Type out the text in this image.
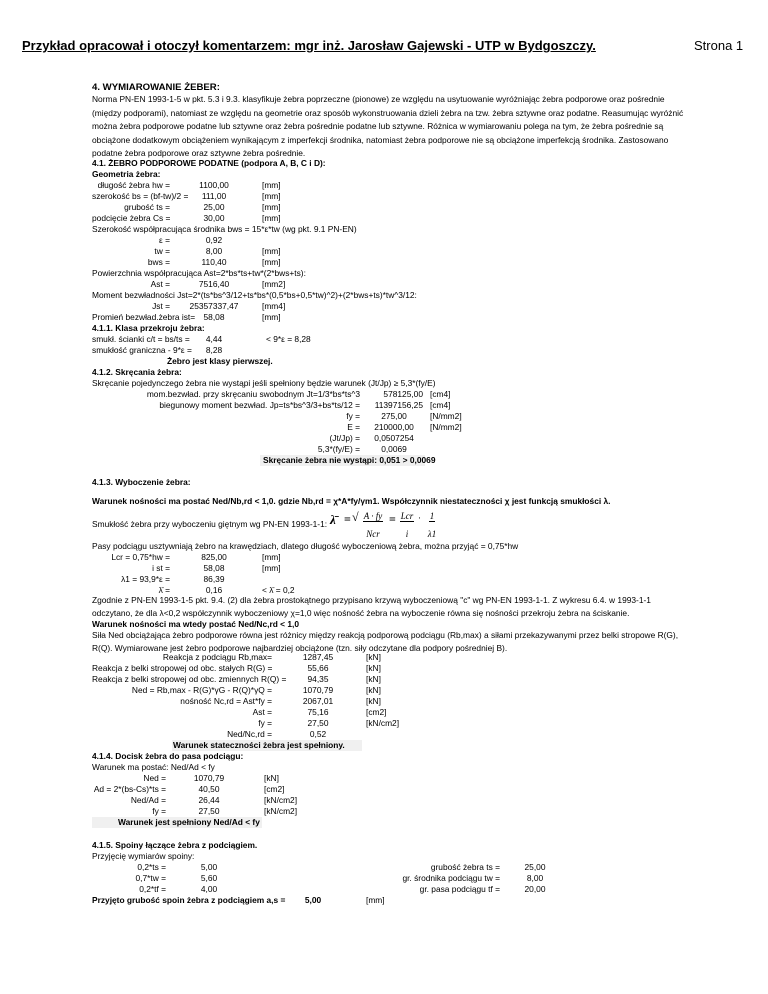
Przykład opracował i otoczył komentarzem: mgr inż. Jarosław Gajewski - UTP w Bydgoszczy.	Strona 1
4. WYMIAROWANIE ŻEBER:
Norma PN-EN 1993-1-5 w pkt. 5.3 i 9.3. klasyfikuje żebra poprzeczne (pionowe) ze względu na usytuowanie wyróżniając żebra podporowe oraz pośrednie (między podporami), natomiast ze względu na geometrie oraz sposób wykonstruowania dzieli żebra na tzw. żebra sztywne oraz podatne. Reasumując wyróżnić można żebra podporowe podatne lub sztywne oraz żebra pośrednie podatne lub sztywne. Różnica w wymiarowaniu polega na tym, że żebra pośrednie są obciążone dodatkowym obciążeniem wynikającym z imperfekcji środnika, natomiast żebra podporowe nie są obciążone imperfekcją środnika. Zastosowano podatne żebra podporowe oraz sztywne żebra pośrednie.
4.1. ŻEBRO PODPOROWE PODATNE (podpora A, B, C i D):
Geometria żebra:
długość żebra hw =	1100,00	[mm]
szerokość bs = (bf-tw)/2 =	111,00	[mm]
grubość ts =	25,00	[mm]
podcięcie żebra Cs =	30,00	[mm]
Szerokość współpracująca środnika bws = 15*ε*tw (wg pkt. 9.1 PN-EN)
ε =	0,92
tw =	8,00	[mm]
bws =	110,40	[mm]
Powierzchnia współpracująca Ast=2*bs*ts+tw*(2*bws+ts):
Ast =	7516,40	[mm2]
Moment bezwładności Jst=2*(ts*bs^3/12+ts*bs*(0,5*bs+0,5*tw)^2)+(2*bws+ts)*tw^3/12:
Jst =	25357337,47	[mm4]
Promień bezwład.żebra ist=	58,08	[mm]
4.1.1. Klasa przekroju żebra:
smukł. ścianki c/t = bs/ts =	4,44	< 9*ε = 8,28
smukłość graniczna - 9*ε =	8,28
Żebro jest klasy pierwszej.
4.1.2. Skręcania żebra:
Skręcanie pojedynczego żebra nie wystąpi jeśli spełniony będzie warunek (Jt/Jp) ≥ 5,3*(fy/E)
mom.bezwład. przy skręcaniu swobodnym Jt=1/3*bs*ts^3	578125,00 [cm4]
biegunowy moment bezwład. Jp=ts*bs^3/3+bs*ts/12 =	11397156,25 [cm4]
fy =	275,00	[N/mm2]
E =	210000,00	[N/mm2]
(Jt/Jp) =	0,0507254
5,3*(fy/E) =	0,0069
Skręcanie żebra nie wystąpi: 0,051 > 0,0069
4.1.3. Wyboczenie żebra:
Warunek nośności ma postać Ned/Nb,rd < 1,0. gdzie Nb,rd = χ*A*fy/γm1. Współczynnik niestateczności χ jest funkcją smukłości λ.
Smukłość żebra przy wyboczeniu giętnym wg PN-EN 1993-1-1: λ̄ = √ A · fy
Ncr
= Lcr
i
· $\frac{1}{\lambda 1}$
Pasy podciągu usztywniają żebro na krawędziach, dlatego długość wyboczeniową żebra, można przyjąć = 0,75*hw
Lcr = 0,75*hw =	825,00	[mm]
i st =	58,08	[mm]
λ1 = 93,9*ε =	86,39
λ̄ =	0,16	< λ̄ = 0,2
Zgodnie z PN-EN 1993-1-5 pkt. 9.4. (2) dla żebra prostokątnego przypisano krzywą wyboczeniową "c" wg PN-EN 1993-1-1. Z wykresu 6.4. w 1993-1-1 odczytano, że dla λ<0,2 współczynnik wyboczeniowy χ=1,0 więc nośność żebra na wyboczenie równa się nośności przekroju żebra na ściskanie.
Warunek nośności ma wtedy postać Ned/Nc,rd < 1,0
Siła Ned obciążająca żebro podporowe równa jest różnicy między reakcją podporową podciągu (Rb,max) a siłami przekazywanymi przez belki stropowe R(G), R(Q). Wymiarowane jest żebro podporowe najbardziej obciążone (tzn. siły odczytane dla podpory pośredniej B).
Reakcja z podciągu Rb,max=	1287,45	[kN]
Reakcja z belki stropowej od obc. stałych R(G) =	55,66	[kN]
Reakcja z belki stropowej od obc. zmiennych R(Q) =	94,35	[kN]
Ned = Rb,max - R(G)*γG - R(Q)*γQ =	1070,79	[kN]
nośność Nc,rd = Ast*fy =	2067,01	[kN]
Ast =	75,16	[cm2]
fy =	27,50	[kN/cm2]
Ned/Nc,rd =	0,52
Warunek stateczności żebra jest spełniony.
4.1.4. Docisk żebra do pasa podciągu:
Warunek ma postać: Ned/Ad < fy
Ned =	1070,79	[kN]
Ad = 2*(bs-Cs)*ts =	40,50	[cm2]
Ned/Ad =	26,44	[kN/cm2]
fy =	27,50	[kN/cm2]
Warunek jest spełniony Ned/Ad < fy
4.1.5. Spoiny łączące żebra z podciągiem.
Przyjęcię wymiarów spoiny:
0,2*ts =	5,00
0,7*tw =	5,60
0,2*tf =	4,00
grubość żebra ts =	25,00
gr. środnika podciągu tw =	8,00
gr. pasa podciągu tf =	20,00
Przyjęto grubość spoin żebra z podciągiem a,s =	5,00	[mm]
